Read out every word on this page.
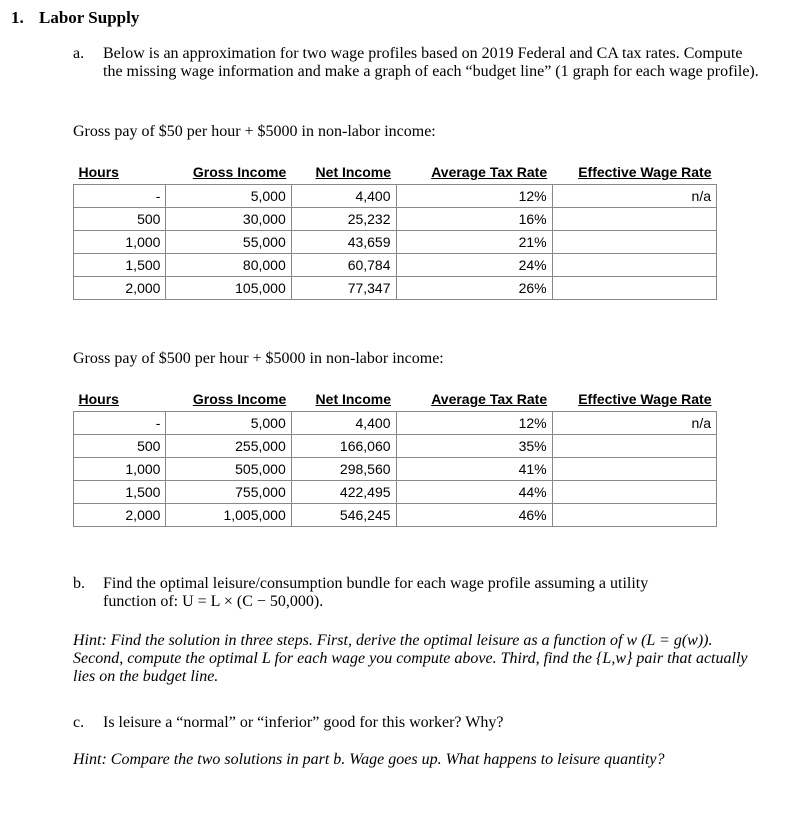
1. Labor Supply
a. Below is an approximation for two wage profiles based on 2019 Federal and CA tax rates. Compute the missing wage information and make a graph of each “budget line” (1 graph for each wage profile).
Gross pay of $50 per hour + $5000 in non-labor income:
Hours	Gross Income	Net Income	Average Tax Rate	Effective Wage Rate
-	5,000	4,400	12%	n/a
500	30,000	25,232	16%	
1,000	55,000	43,659	21%	
1,500	80,000	60,784	24%	
2,000	105,000	77,347	26%	
Gross pay of $500 per hour + $5000 in non-labor income:
Hours	Gross Income	Net Income	Average Tax Rate	Effective Wage Rate
-	5,000	4,400	12%	n/a
500	255,000	166,060	35%	
1,000	505,000	298,560	41%	
1,500	755,000	422,495	44%	
2,000	1,005,000	546,245	46%	
b. Find the optimal leisure/consumption bundle for each wage profile assuming a utility
function of: U = L × (C − 50,000).
Hint: Find the solution in three steps. First, derive the optimal leisure as a function of w (L = g(w)). Second, compute the optimal L for each wage you compute above. Third, find the {L,w} pair that actually lies on the budget line.
c. Is leisure a “normal” or “inferior” good for this worker? Why?
Hint: Compare the two solutions in part b. Wage goes up. What happens to leisure quantity?
